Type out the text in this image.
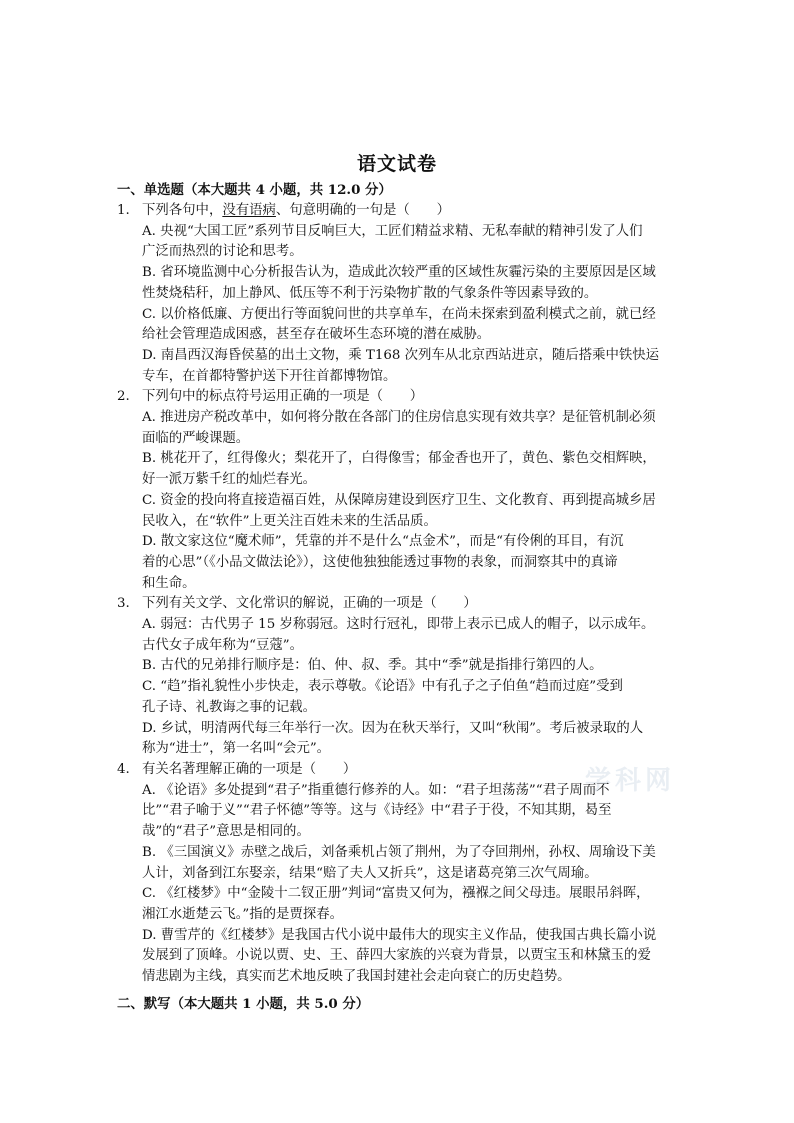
学科网
语文试卷
一、单选题（本大题共 4 小题，共 12.0 分）
1. 下列各句中，没有语病、句意明确的一句是（　　）
A. 央视“大国工匠”系列节目反响巨大，工匠们精益求精、无私奉献的精神引发了人们
广泛而热烈的讨论和思考。
B. 省环境监测中心分析报告认为，造成此次较严重的区域性灰霾污染的主要原因是区域
性焚烧秸秆，加上静风、低压等不利于污染物扩散的气象条件等因素导致的。
C. 以价格低廉、方便出行等面貌问世的共享单车，在尚未探索到盈利模式之前，就已经
给社会管理造成困惑，甚至存在破坏生态环境的潜在威胁。
D. 南昌西汉海昏侯墓的出土文物，乘 T168 次列车从北京西站进京，随后搭乘中铁快运
专车，在首都特警护送下开往首都博物馆。
2. 下列句中的标点符号运用正确的一项是（　　）
A. 推进房产税改革中，如何将分散在各部门的住房信息实现有效共享？是征管机制必须
面临的严峻课题。
B. 桃花开了，红得像火；梨花开了，白得像雪；郁金香也开了，黄色、紫色交相辉映，
好一派万紫千红的灿烂春光。
C. 资金的投向将直接造福百姓，从保障房建设到医疗卫生、文化教育、再到提高城乡居
民收入，在“软件”上更关注百姓未来的生活品质。
D. 散文家这位“魔术师”，凭靠的并不是什么“点金术”，而是“有伶俐的耳目，有沉
着的心思”（《小品文做法论》），这使他独独能透过事物的表象，而洞察其中的真谛
和生命。
3. 下列有关文学、文化常识的解说，正确的一项是（　　）
A. 弱冠：古代男子 15 岁称弱冠。这时行冠礼，即带上表示已成人的帽子，以示成年。
古代女子成年称为“豆蔻”。
B. 古代的兄弟排行顺序是：伯、仲、叔、季。其中“季”就是指排行第四的人。
C. “趋”指礼貌性小步快走，表示尊敬。《论语》中有孔子之子伯鱼“趋而过庭”受到
孔子诗、礼教诲之事的记载。
D. 乡试，明清两代每三年举行一次。因为在秋天举行，又叫“秋闱”。考后被录取的人
称为“进士”，第一名叫“会元”。
4. 有关名著理解正确的一项是（　　）
A. 《论语》多处提到“君子”指重德行修养的人。如：“君子坦荡荡”“君子周而不
比”“君子喻于义”“君子怀德”等等。这与《诗经》中“君子于役，不知其期，曷至
哉”的“君子”意思是相同的。
B. 《三国演义》赤壁之战后，刘备乘机占领了荆州，为了夺回荆州，孙权、周瑜设下美
人计，刘备到江东娶亲，结果“赔了夫人又折兵”，这是诸葛亮第三次气周瑜。
C. 《红楼梦》中“金陵十二钗正册”判词“富贵又何为，襁褓之间父母违。展眼吊斜晖，
湘江水逝楚云飞。”指的是贾探春。
D. 曹雪芹的《红楼梦》是我国古代小说中最伟大的现实主义作品，使我国古典长篇小说
发展到了顶峰。小说以贾、史、王、薛四大家族的兴衰为背景，以贾宝玉和林黛玉的爱
情悲剧为主线，真实而艺术地反映了我国封建社会走向衰亡的历史趋势。
二、默写（本大题共 1 小题，共 5.0 分）
